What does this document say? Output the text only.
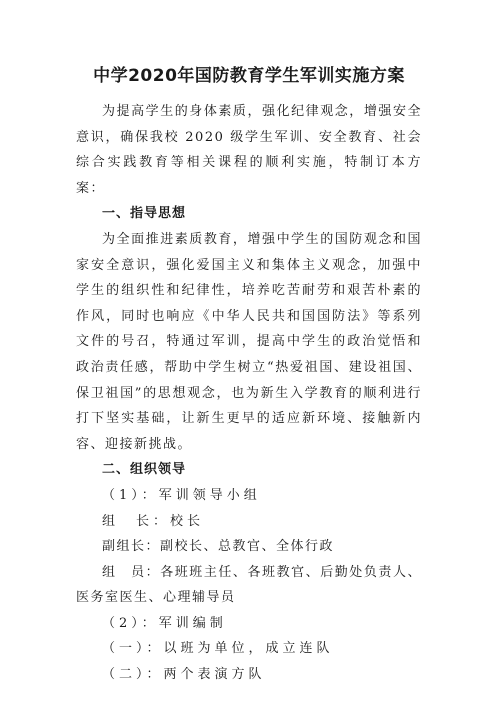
中学2020年国防教育学生军训实施方案

为提高学生的身体素质，强化纪律观念，增强安全意识，确保我校 2020 级学生军训、安全教育、社会综合实践教育等相关课程的顺利实施，特制订本方案：

一、指导思想

为全面推进素质教育，增强中学生的国防观念和国家安全意识，强化爱国主义和集体主义观念，加强中学生的组织性和纪律性，培养吃苦耐劳和艰苦朴素的作风，同时也响应《中华人民共和国国防法》等系列文件的号召，特通过军训，提高中学生的政治觉悟和政治责任感，帮助中学生树立“热爱祖国、建设祖国、保卫祖国”的思想观念，也为新生入学教育的顺利进行打下坚实基础，让新生更早的适应新环境、接触新内容、迎接新挑战。

二、组织领导

（1）：军训领导小组

组　长：校长

副组长：副校长、总教官、全体行政

组　员：各班班主任、各班教官、后勤处负责人、医务室医生、心理辅导员

（2）：军训编制

（一）：以班为单位，成立连队

（二）：两个表演方队
